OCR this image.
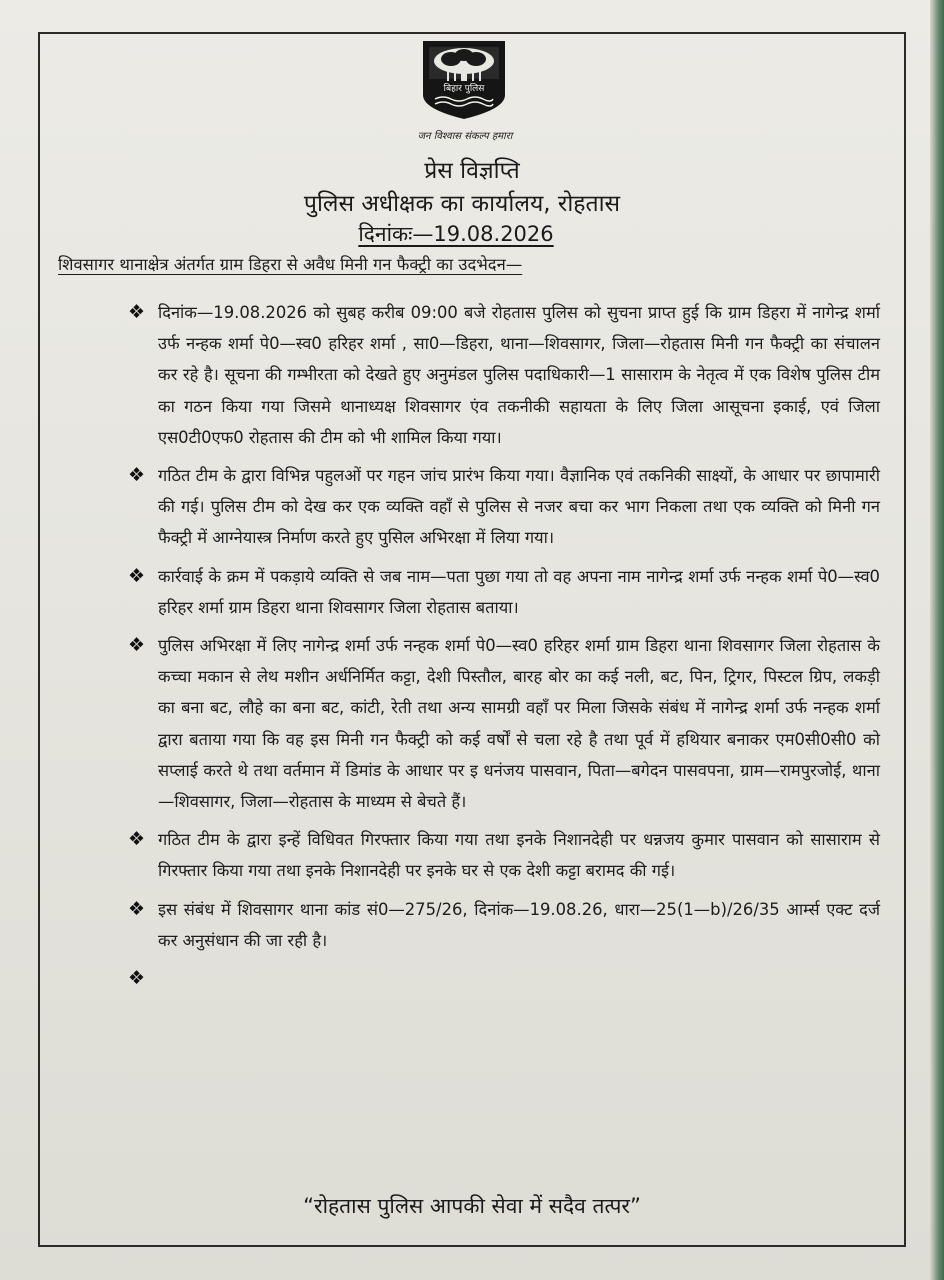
बिहार पुलिस
जन विश्वास संकल्प हमारा
प्रेस विज्ञप्ति
पुलिस अधीक्षक का कार्यालय, रोहतास
दिनांकः—19.08.2026
शिवसागर थानाक्षेत्र अंतर्गत ग्राम डिहरा से अवैध मिनी गन फैक्ट्री का उदभेदन—
❖ दिनांक—19.08.2026 को सुबह करीब 09:00 बजे रोहतास पुलिस को सुचना प्राप्त हुई कि ग्राम डिहरा में नागेन्द्र शर्मा उर्फ नन्हक शर्मा पे0—स्व0 हरिहर शर्मा , सा0—डिहरा, थाना—शिवसागर, जिला—रोहतास मिनी गन फैक्ट्री का संचालन कर रहे है। सूचना की गम्भीरता को देखते हुए अनुमंडल पुलिस पदाधिकारी—1 सासाराम के नेतृत्व में एक विशेष पुलिस टीम का गठन किया गया जिसमे थानाध्यक्ष शिवसागर एंव तकनीकी सहायता के लिए जिला आसूचना इकाई, एवं जिला एस0टी0एफ0 रोहतास की टीम को भी शामिल किया गया।
❖ गठित टीम के द्वारा विभिन्न पहुलओं पर गहन जांच प्रारंभ किया गया। वैज्ञानिक एवं तकनिकी साक्ष्यों, के आधार पर छापामारी की गई। पुलिस टीम को देख कर एक व्यक्ति वहाँ से पुलिस से नजर बचा कर भाग निकला तथा एक व्यक्ति को मिनी गन फैक्ट्री में आग्नेयास्त्र निर्माण करते हुए पुसिल अभिरक्षा में लिया गया।
❖ कार्रवाई के क्रम में पकड़ाये व्यक्ति से जब नाम—पता पुछा गया तो वह अपना नाम नागेन्द्र शर्मा उर्फ नन्हक शर्मा पे0—स्व0 हरिहर शर्मा ग्राम डिहरा थाना शिवसागर जिला रोहतास बताया।
❖ पुलिस अभिरक्षा में लिए नागेन्द्र शर्मा उर्फ नन्हक शर्मा पे0—स्व0 हरिहर शर्मा ग्राम डिहरा थाना शिवसागर जिला रोहतास के कच्चा मकान से लेथ मशीन अर्धनिर्मित कट्टा, देशी पिस्तौल, बारह बोर का कई नली, बट, पिन, ट्रिगर, पिस्टल ग्रिप, लकड़ी का बना बट, लौहे का बना बट, कांटी, रेती तथा अन्य सामग्री वहाँ पर मिला जिसके संबंध में नागेन्द्र शर्मा उर्फ नन्हक शर्मा द्वारा बताया गया कि वह इस मिनी गन फैक्ट्री को कई वर्षों से चला रहे है तथा पूर्व में हथियार बनाकर एम0सी0सी0 को सप्लाई करते थे तथा वर्तमान में डिमांड के आधार पर इ धनंजय पासवान, पिता—बगेदन पासवपना, ग्राम—रामपुरजोई, थाना—शिवसागर, जिला—रोहतास के माध्यम से बेचते हैं।
❖ गठित टीम के द्वारा इन्हें विधिवत गिरफ्तार किया गया तथा इनके निशानदेही पर धन्नजय कुमार पासवान को सासाराम से गिरफ्तार किया गया तथा इनके निशानदेही पर इनके घर से एक देशी कट्टा बरामद की गई।
❖ इस संबंध में शिवसागर थाना कांड सं0—275/26, दिनांक—19.08.26, धारा—25(1—b)/26/35 आर्म्स एक्ट दर्ज कर अनुसंधान की जा रही है।
❖
“रोहतास पुलिस आपकी सेवा में सदैव तत्पर”
